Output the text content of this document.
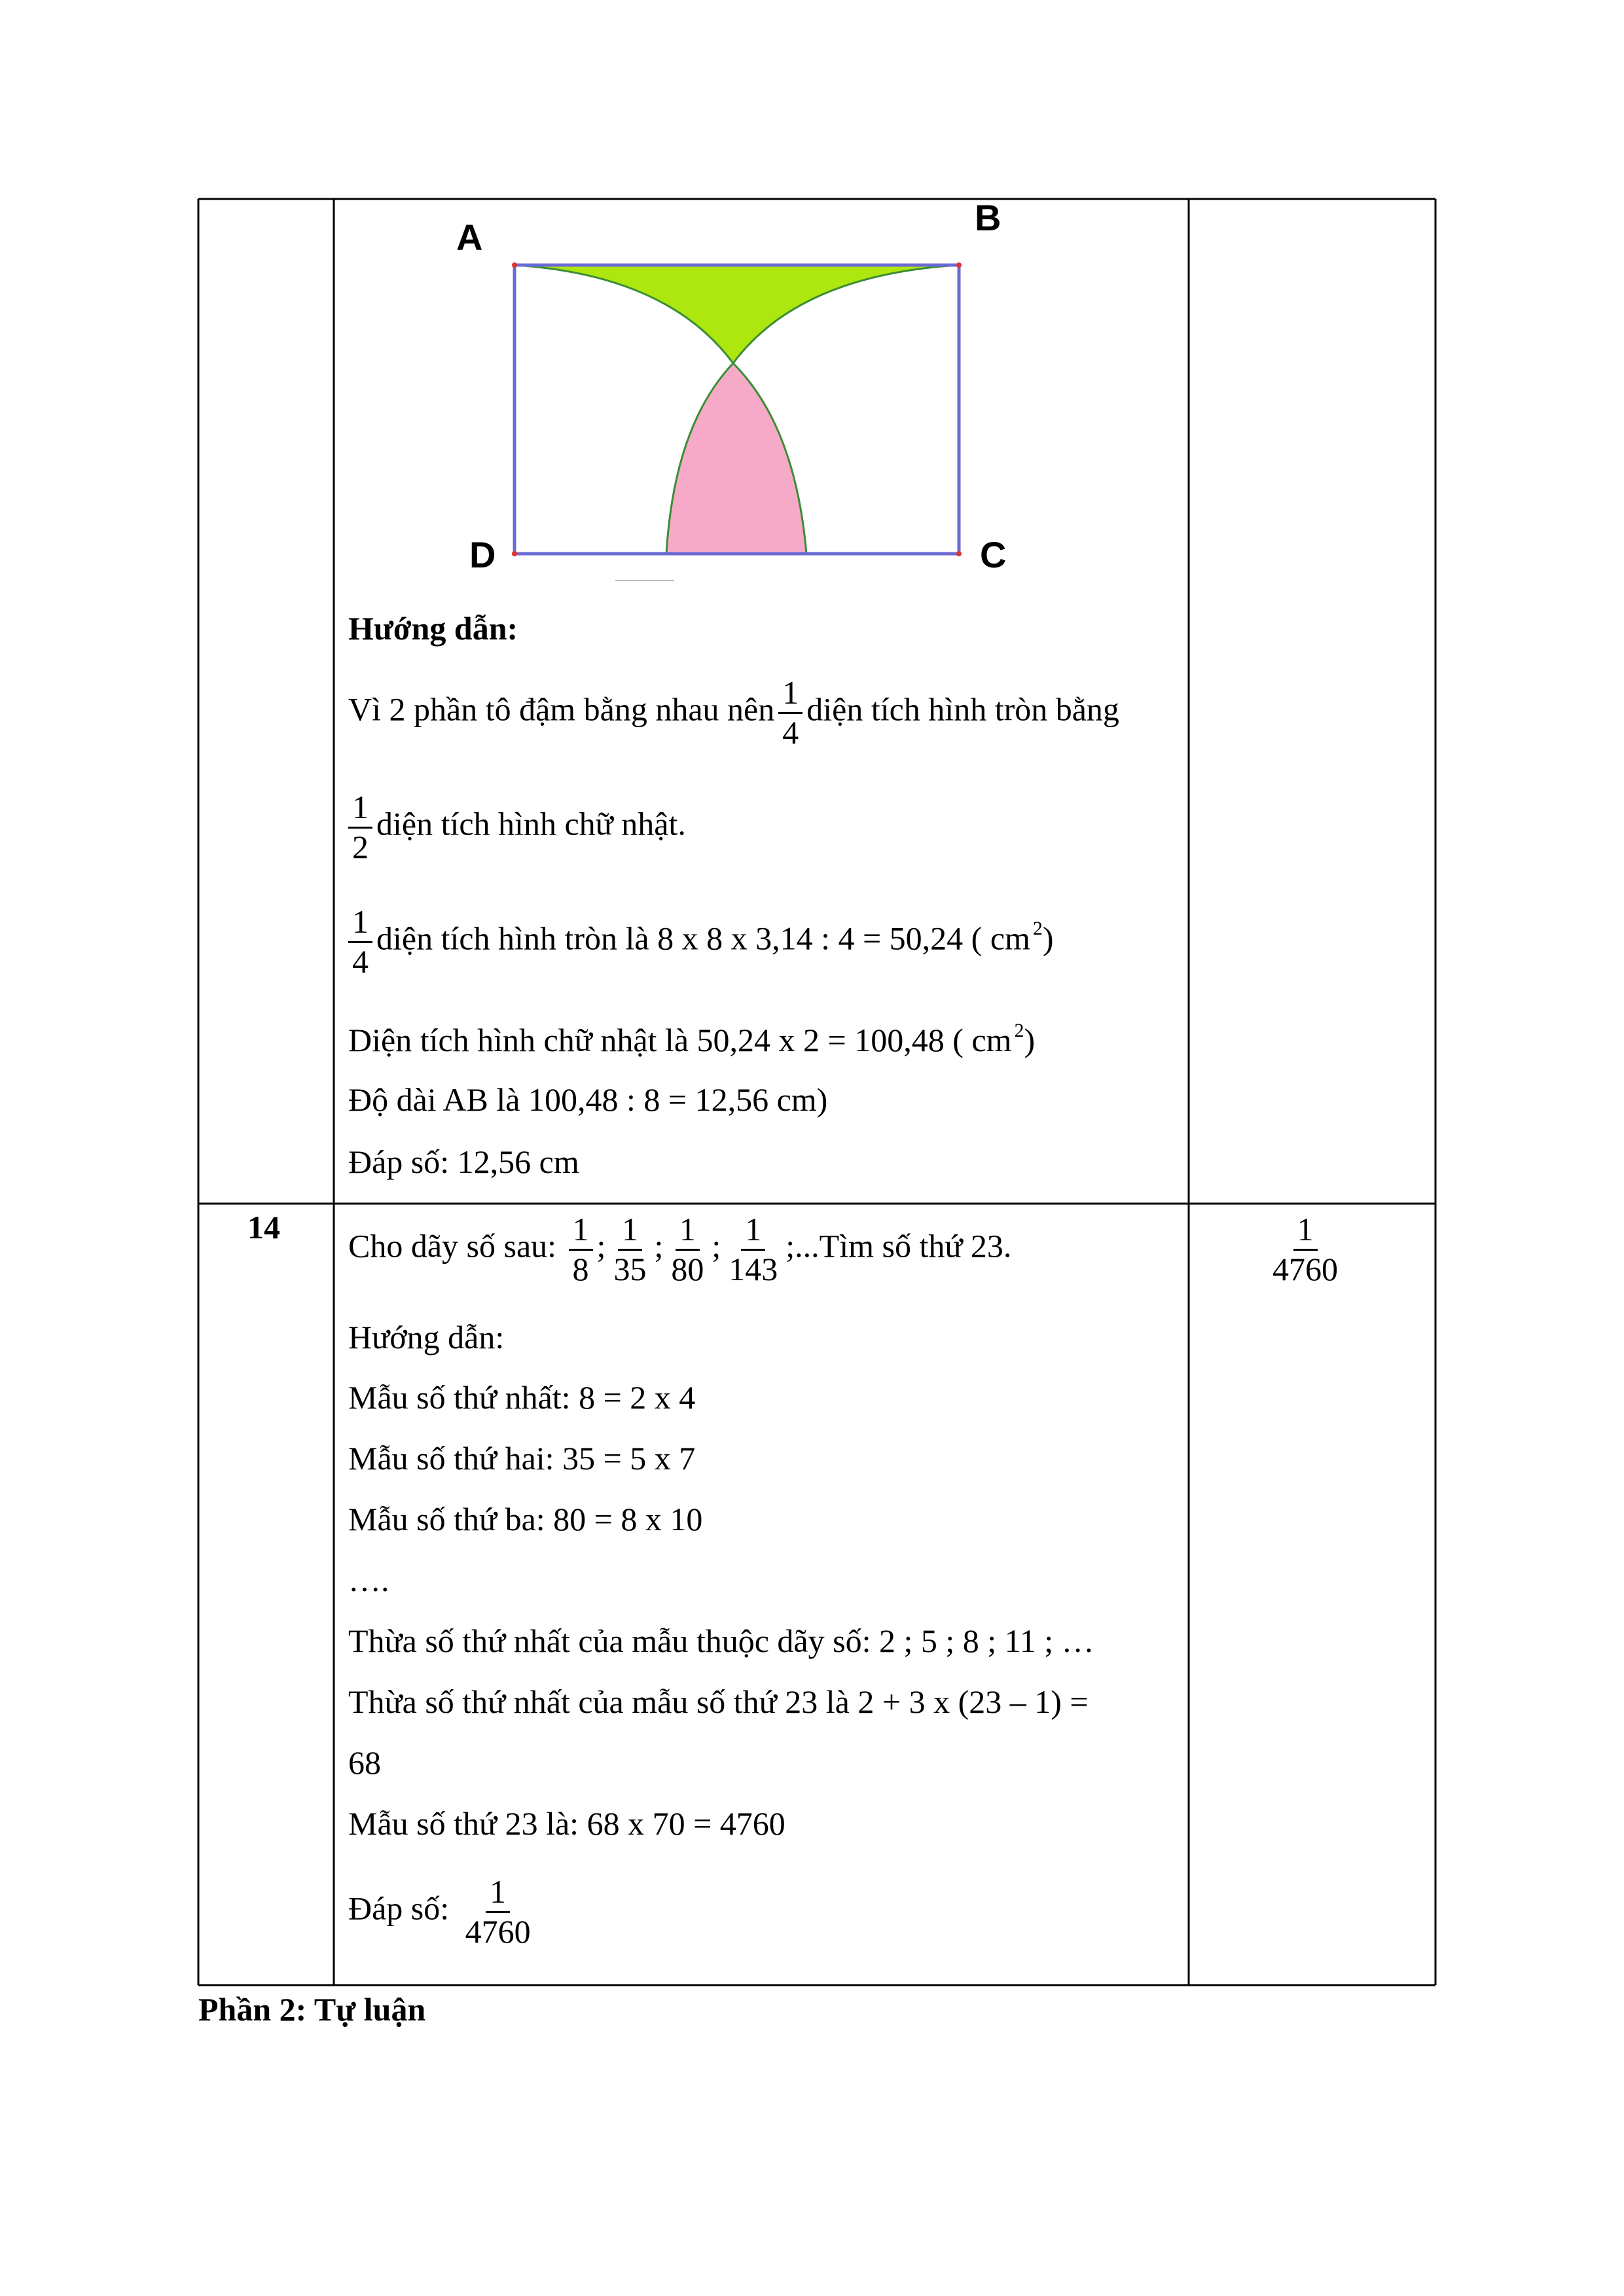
A	B
D	C
Hướng dẫn:
Vì 2 phần tô đậm bằng nhau nên $\frac{1}{4}$ diện tích hình tròn bằng
$\frac{1}{2}$ diện tích hình chữ nhật.
$\frac{1}{4}$ diện tích hình tròn là 8 x 8 x 3,14 : 4 = 50,24 ( cm $^2$)
Diện tích hình chữ nhật là 50,24 x 2 = 100,48 ( cm $^2$)
Độ dài AB là 100,48 : 8 = 12,56 cm)
Đáp số: 12,56 cm
14
Cho dãy số sau: $\frac{1}{8}$ ; $\frac{1}{35}$ ; $\frac{1}{80}$ ; $\frac{1}{143}$ ;...Tìm số thứ 23.
Hướng dẫn:
Mẫu số thứ nhất: 8 = 2 x 4
Mẫu số thứ hai: 35 = 5 x 7
Mẫu số thứ ba: 80 = 8 x 10
….
Thừa số thứ nhất của mẫu thuộc dãy số: 2 ; 5 ; 8 ; 11 ; …
Thừa số thứ nhất của mẫu số thứ 23 là 2 + 3 x (23 – 1) =
68
Mẫu số thứ 23 là: 68 x 70 = 4760
Đáp số: $\frac{1}{4760}$
$\frac{1}{4760}$
Phần 2: Tự luận
